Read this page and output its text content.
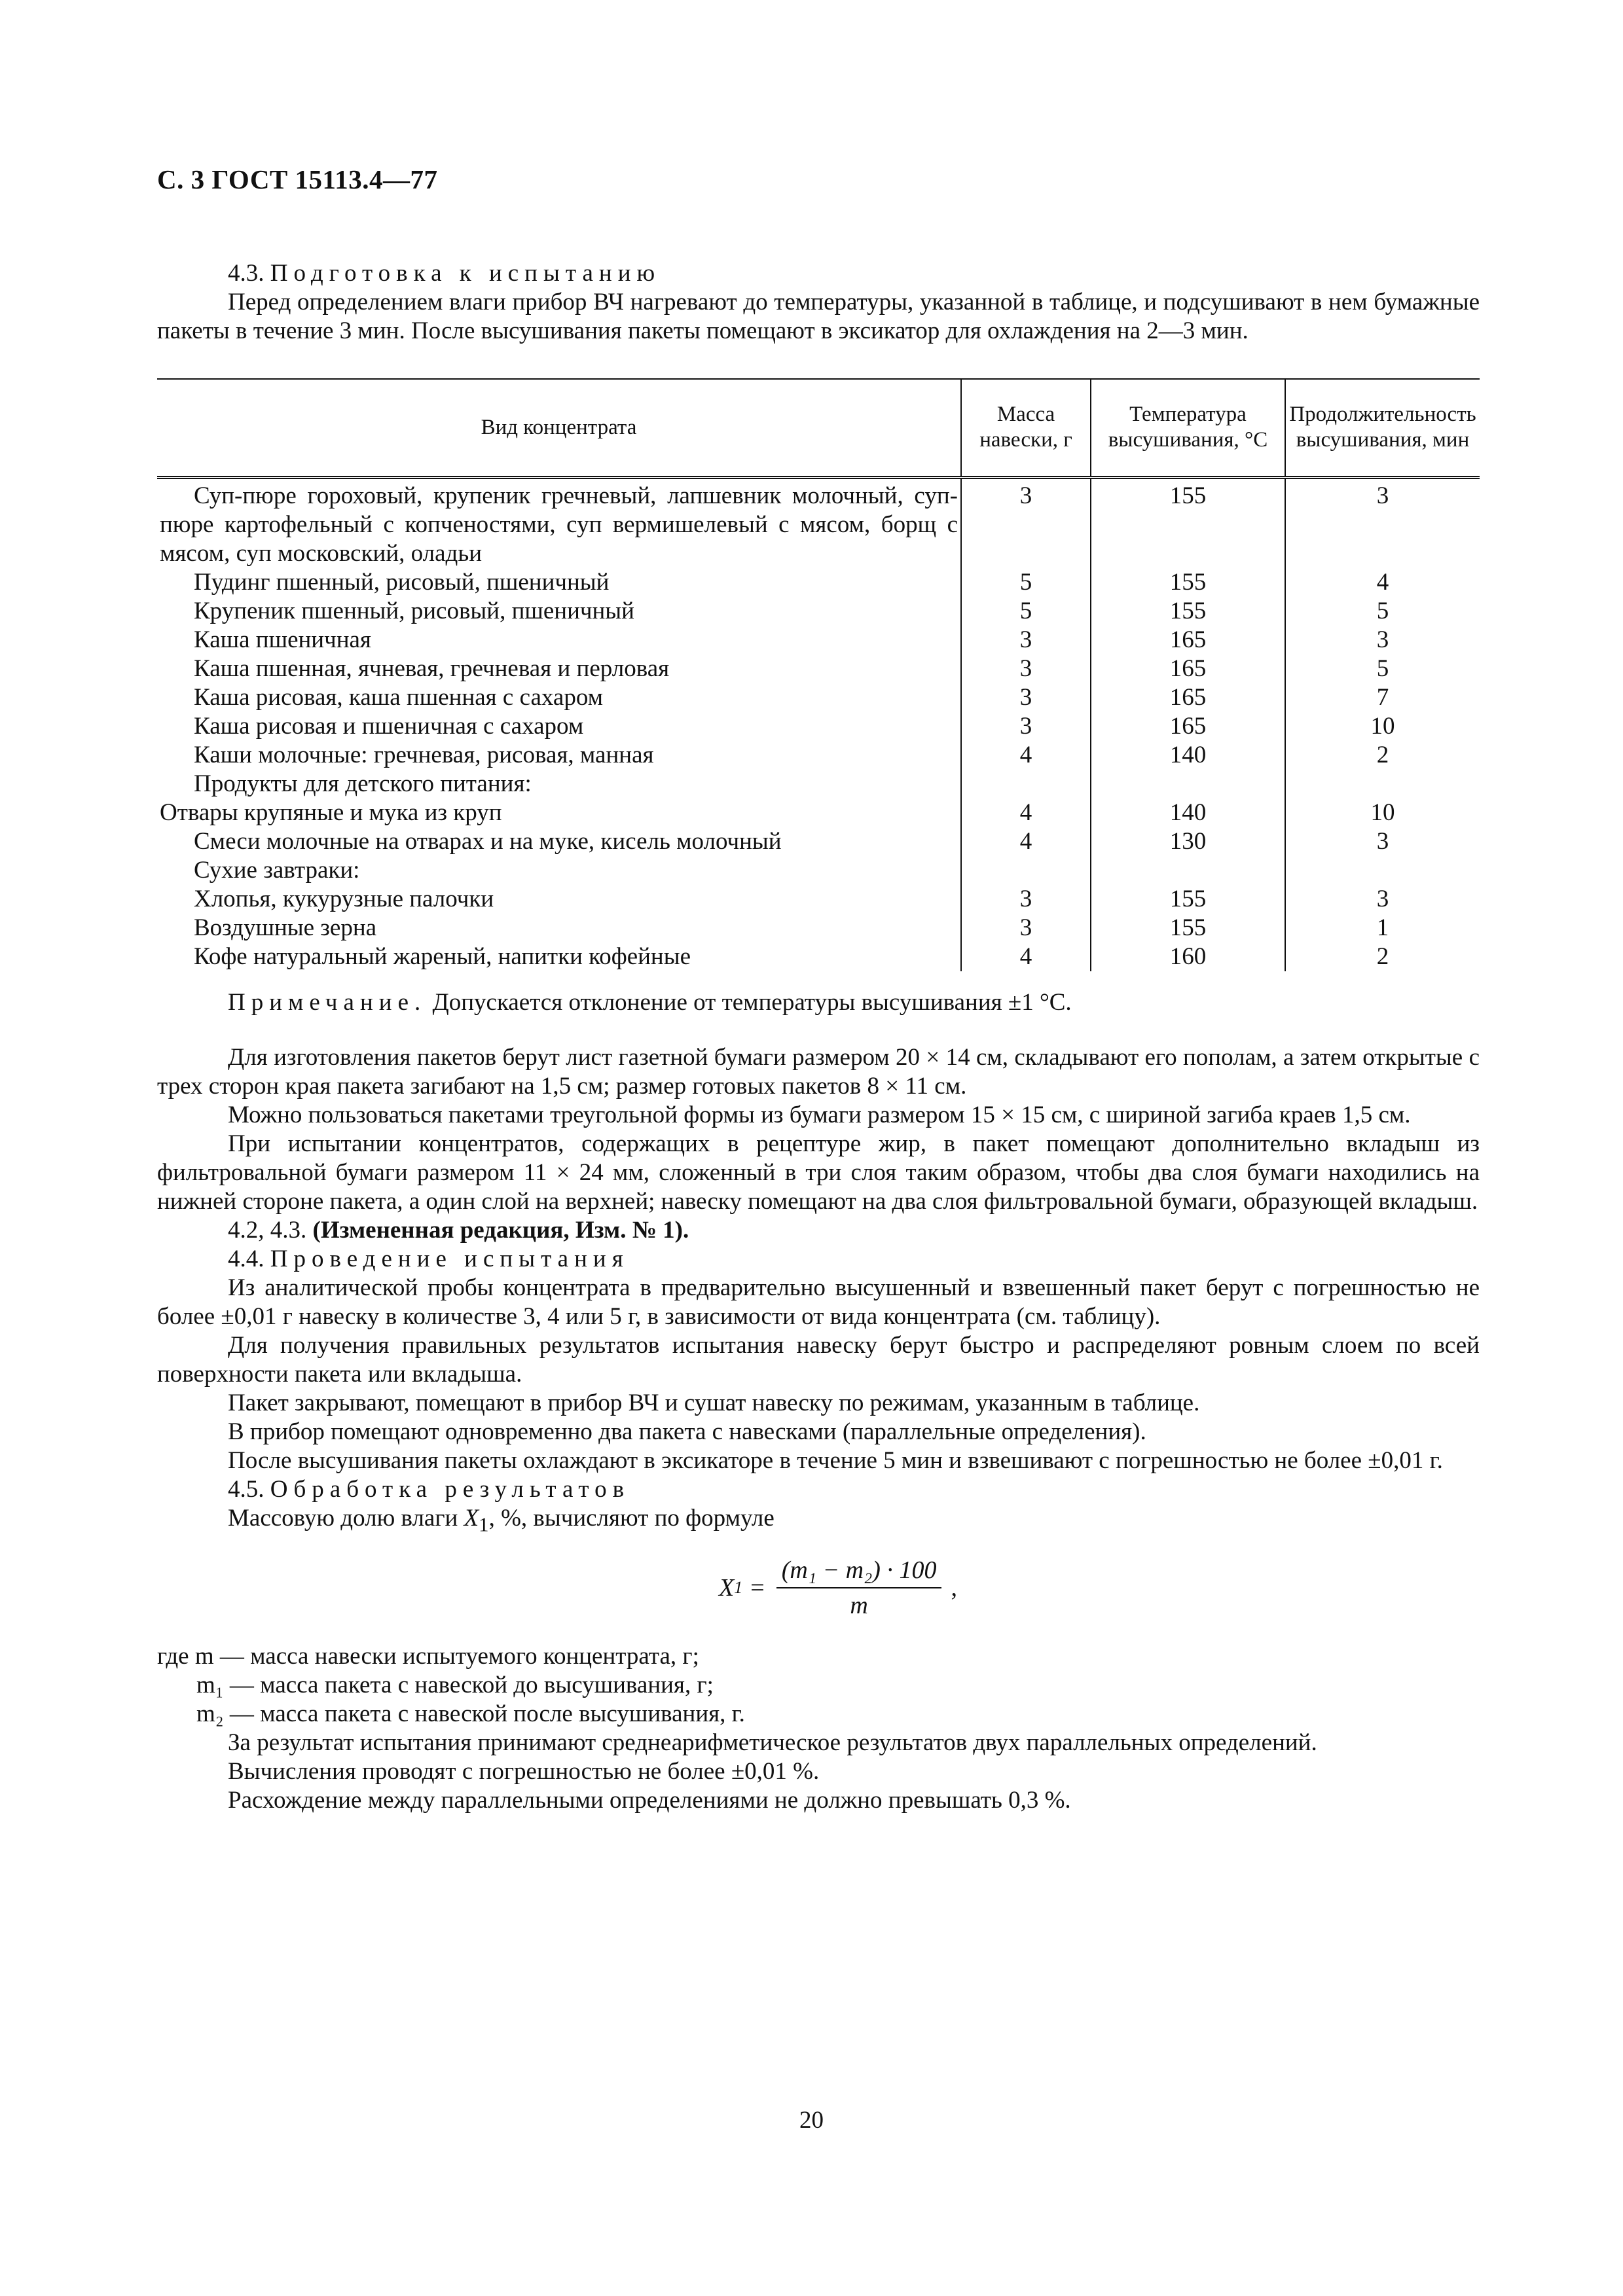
С. 3 ГОСТ 15113.4—77

4.3. Подготовка к испытанию

Перед определением влаги прибор ВЧ нагревают до температуры, указанной в таблице, и подсушивают в нем бумажные пакеты в течение 3 мин. После высушивания пакеты помещают в эксикатор для охлаждения на 2—3 мин.

Вид концентрата	Масса навески, г	Температура высушивания, °С	Продолжительность высушивания, мин
Суп-пюре гороховый, крупеник гречневый, лапшевник молочный, суп-пюре картофельный с копченостями, суп вермишелевый с мясом, борщ с мясом, суп московский, оладьи	3	155	3
Пудинг пшенный, рисовый, пшеничный	5	155	4
Крупеник пшенный, рисовый, пшеничный	5	155	5
Каша пшеничная	3	165	3
Каша пшенная, ячневая, гречневая и перловая	3	165	5
Каша рисовая, каша пшенная с сахаром	3	165	7
Каша рисовая и пшеничная с сахаром	3	165	10
Каши молочные: гречневая, рисовая, манная	4	140	2
Продукты для детского питания:			
Отвары крупяные и мука из круп	4	140	10
Смеси молочные на отварах и на муке, кисель молочный	4	130	3
Сухие завтраки:			
Хлопья, кукурузные палочки	3	155	3
Воздушные зерна	3	155	1
Кофе натуральный жареный, напитки кофейные	4	160	2

Примечание. Допускается отклонение от температуры высушивания ±1 °С.

Для изготовления пакетов берут лист газетной бумаги размером 20 × 14 см, складывают его пополам, а затем открытые с трех сторон края пакета загибают на 1,5 см; размер готовых пакетов 8 × 11 см.

Можно пользоваться пакетами треугольной формы из бумаги размером 15 × 15 см, с шириной загиба краев 1,5 см.

При испытании концентратов, содержащих в рецептуре жир, в пакет помещают дополнительно вкладыш из фильтровальной бумаги размером 11 × 24 мм, сложенный в три слоя таким образом, чтобы два слоя бумаги находились на нижней стороне пакета, а один слой на верхней; навеску помещают на два слоя фильтровальной бумаги, образующей вкладыш.

4.2, 4.3. (Измененная редакция, Изм. № 1).

4.4. Проведение испытания

Из аналитической пробы концентрата в предварительно высушенный и взвешенный пакет берут с погрешностью не более ±0,01 г навеску в количестве 3, 4 или 5 г, в зависимости от вида концентрата (см. таблицу).

Для получения правильных результатов испытания навеску берут быстро и распределяют ровным слоем по всей поверхности пакета или вкладыша.

Пакет закрывают, помещают в прибор ВЧ и сушат навеску по режимам, указанным в таблице.

В прибор помещают одновременно два пакета с навесками (параллельные определения).

После высушивания пакеты охлаждают в эксикаторе в течение 5 мин и взвешивают с погрешностью не более ±0,01 г.

4.5. Обработка результатов

Массовую долю влаги $X_1$, %, вычисляют по формуле

X $1 = \frac{\text{(m₁ − m₂) · 100}}{m}$ ,

где m — масса навески испытуемого концентрата, г;

m₁ — масса пакета с навеской до высушивания, г;

m₂ — масса пакета с навеской после высушивания, г.

За результат испытания принимают среднеарифметическое результатов двух параллельных определений.

Вычисления проводят с погрешностью не более ±0,01 %.

Расхождение между параллельными определениями не должно превышать 0,3 %.

20
